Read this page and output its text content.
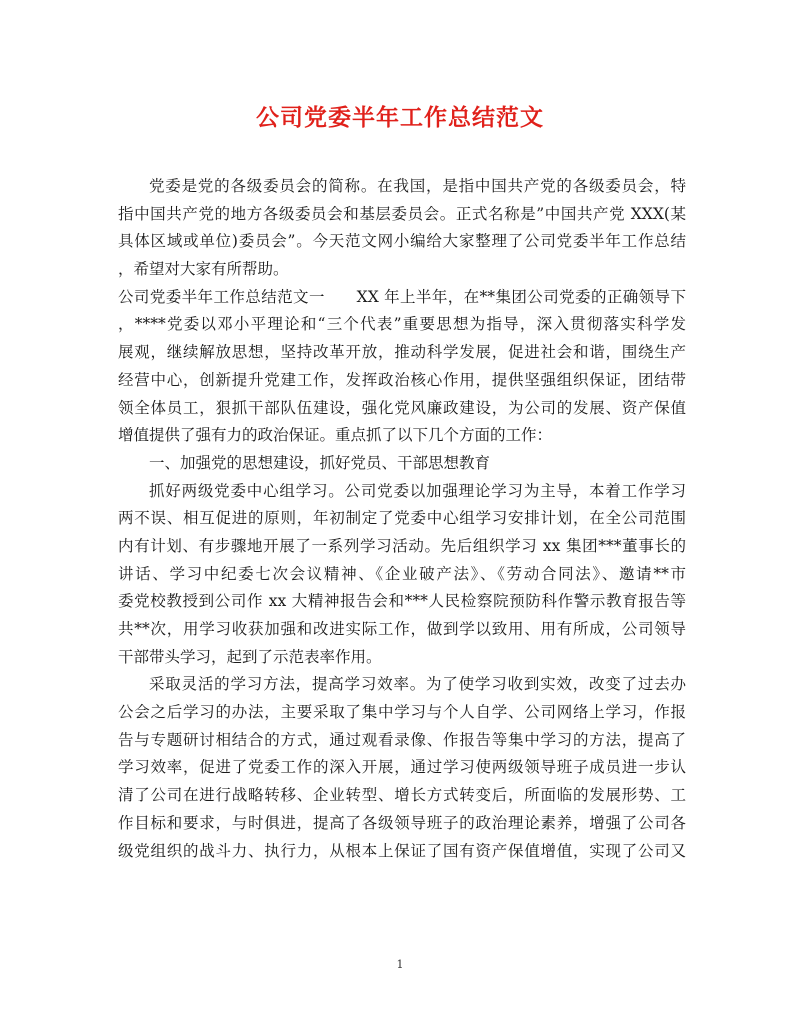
公司党委半年工作总结范文
党委是党的各级委员会的简称。在我国，是指中国共产党的各级委员会，特
指中国共产党的地方各级委员会和基层委员会。正式名称是”中国共产党 XXX(某
具体区域或单位)委员会”。今天范文网小编给大家整理了公司党委半年工作总结
，希望对大家有所帮助。
公司党委半年工作总结范文一　　XX 年上半年，在**集团公司党委的正确领导下
，****党委以邓小平理论和“三个代表”重要思想为指导，深入贯彻落实科学发
展观，继续解放思想，坚持改革开放，推动科学发展，促进社会和谐，围绕生产
经营中心，创新提升党建工作，发挥政治核心作用，提供坚强组织保证，团结带
领全体员工，狠抓干部队伍建设，强化党风廉政建设，为公司的发展、资产保值
增值提供了强有力的政治保证。重点抓了以下几个方面的工作：
一、加强党的思想建设，抓好党员、干部思想教育
抓好两级党委中心组学习。公司党委以加强理论学习为主导，本着工作学习
两不误、相互促进的原则，年初制定了党委中心组学习安排计划，在全公司范围
内有计划、有步骤地开展了一系列学习活动。先后组织学习 xx 集团***董事长的
讲话、学习中纪委七次会议精神、《企业破产法》、《劳动合同法》、邀请**市
委党校教授到公司作 xx 大精神报告会和***人民检察院预防科作警示教育报告等
共**次，用学习收获加强和改进实际工作，做到学以致用、用有所成，公司领导
干部带头学习，起到了示范表率作用。
采取灵活的学习方法，提高学习效率。为了使学习收到实效，改变了过去办
公会之后学习的办法，主要采取了集中学习与个人自学、公司网络上学习，作报
告与专题研讨相结合的方式，通过观看录像、作报告等集中学习的方法，提高了
学习效率，促进了党委工作的深入开展，通过学习使两级领导班子成员进一步认
清了公司在进行战略转移、企业转型、增长方式转变后，所面临的发展形势、工
作目标和要求，与时俱进，提高了各级领导班子的政治理论素养，增强了公司各
级党组织的战斗力、执行力，从根本上保证了国有资产保值增值，实现了公司又
1
